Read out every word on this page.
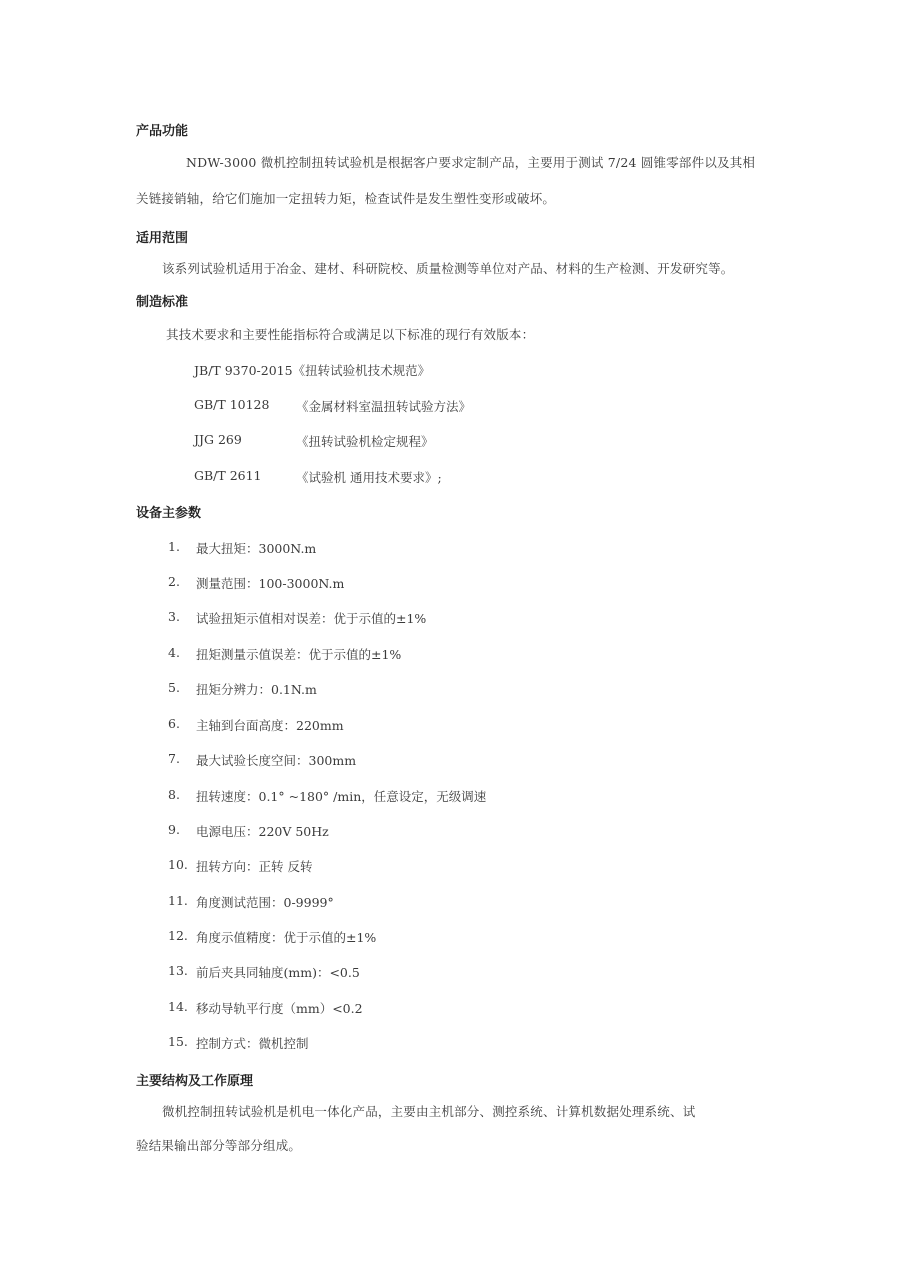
产品功能
NDW-3000 微机控制扭转试验机是根据客户要求定制产品，主要用于测试 7/24 圆锥零部件以及其相
关链接销轴，给它们施加一定扭转力矩，检查试件是发生塑性变形或破坏。
适用范围
该系列试验机适用于冶金、建材、科研院校、质量检测等单位对产品、材料的生产检测、开发研究等。
制造标准
其技术要求和主要性能指标符合或满足以下标准的现行有效版本：
JB/T 9370-2015《扭转试验机技术规范》
GB/T 10128 《金属材料室温扭转试验方法》
JJG 269	《扭转试验机检定规程》
GB/T 2611	《试验机 通用技术要求》;
设备主参数
1. 最大扭矩：3000N.m
2. 测量范围：100-3000N.m
3. 试验扭矩示值相对误差：优于示值的±1%
4. 扭矩测量示值误差：优于示值的±1%
5. 扭矩分辨力：0.1N.m
6. 主轴到台面高度：220mm
7. 最大试验长度空间：300mm
8. 扭转速度：0.1° ~180° /min，任意设定，无级调速
9. 电源电压：220V 50Hz
10. 扭转方向：正转 反转
11. 角度测试范围：0-9999°
12. 角度示值精度：优于示值的±1%
13. 前后夹具同轴度(mm)：<0.5
14. 移动导轨平行度（mm）<0.2
15. 控制方式：微机控制
主要结构及工作原理
微机控制扭转试验机是机电一体化产品，主要由主机部分、测控系统、计算机数据处理系统、试
验结果输出部分等部分组成。
